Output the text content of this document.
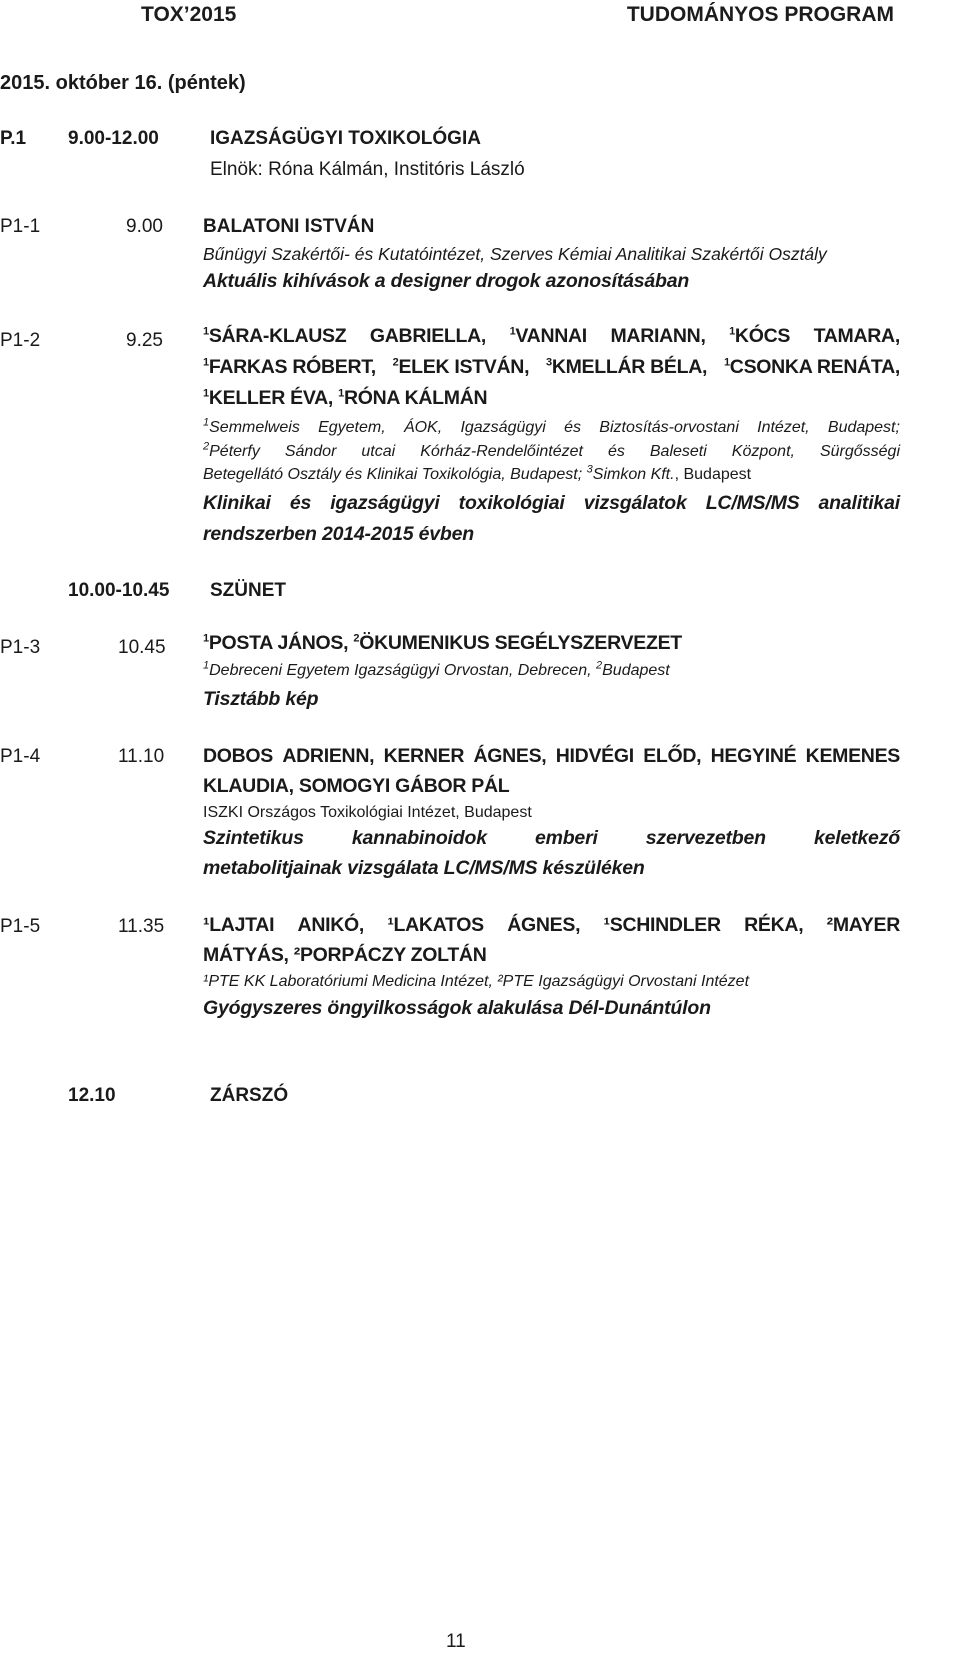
TOX’2015	TUDOMÁNYOS PROGRAM
2015. október 16. (péntek)
P.1 9.00-12.00	IGAZSÁGÜGYI TOXIKOLÓGIA
Elnök: Róna Kálmán, Institóris László
P1-1	9.00 BALATONI ISTVÁN
Bűnügyi Szakértői- és Kutatóintézet, Szerves Kémiai Analitikai Szakértői Osztály
Aktuális kihívások a designer drogok azonosításában
P1-2	9.25	$^1$SÁRA-KLAUSZ GABRIELLA, $^1$VANNAI MARIANN, $^1$KÓCS TAMARA,
$^1$FARKAS RÓBERT, $^2$ELEK ISTVÁN, $^3$KMELLÁR BÉLA, $^1$CSONKA RENÁTA,
$^1$KELLER ÉVA, $^1$RÓNA KÁLMÁN
$^1$Semmelweis Egyetem, ÁOK, Igazságügyi és Biztosítás-orvostani Intézet, Budapest;
$^2$Péterfy Sándor utcai Kórház-Rendelőintézet és Baleseti Központ, Sürgősségi
Betegellátó Osztály és Klinikai Toxikológia, Budapest; $^3$Simkon Kft., Budapest
Klinikai és igazságügyi toxikológiai vizsgálatok LC/MS/MS analitikai
rendszerben 2014-2015 évben
10.00-10.45 SZÜNET
P1-3	10.45	$^1$POSTA JÁNOS, $^2$ÖKUMENIKUS SEGÉLYSZERVEZET
$^1$Debreceni Egyetem Igazságügyi Orvostan, Debrecen, $^2$Budapest
Tisztább kép
P1-4	11.10 DOBOS ADRIENN, KERNER ÁGNES, HIDVÉGI ELŐD, HEGYINÉ KEMENES
KLAUDIA, SOMOGYI GÁBOR PÁL
ISZKI Országos Toxikológiai Intézet, Budapest
Szintetikus kannabinoidok emberi szervezetben keletkező
metabolitjainak vizsgálata LC/MS/MS készüléken
P1-5	11.35 ¹LAJTAI ANIKÓ, ¹LAKATOS ÁGNES, ¹SCHINDLER RÉKA, ²MAYER
MÁTYÁS, ²PORPÁCZY ZOLTÁN
¹PTE KK Laboratóriumi Medicina Intézet, ²PTE Igazságügyi Orvostani Intézet
Gyógyszeres öngyilkosságok alakulása Dél-Dunántúlon
12.10	ZÁRSZÓ
11
